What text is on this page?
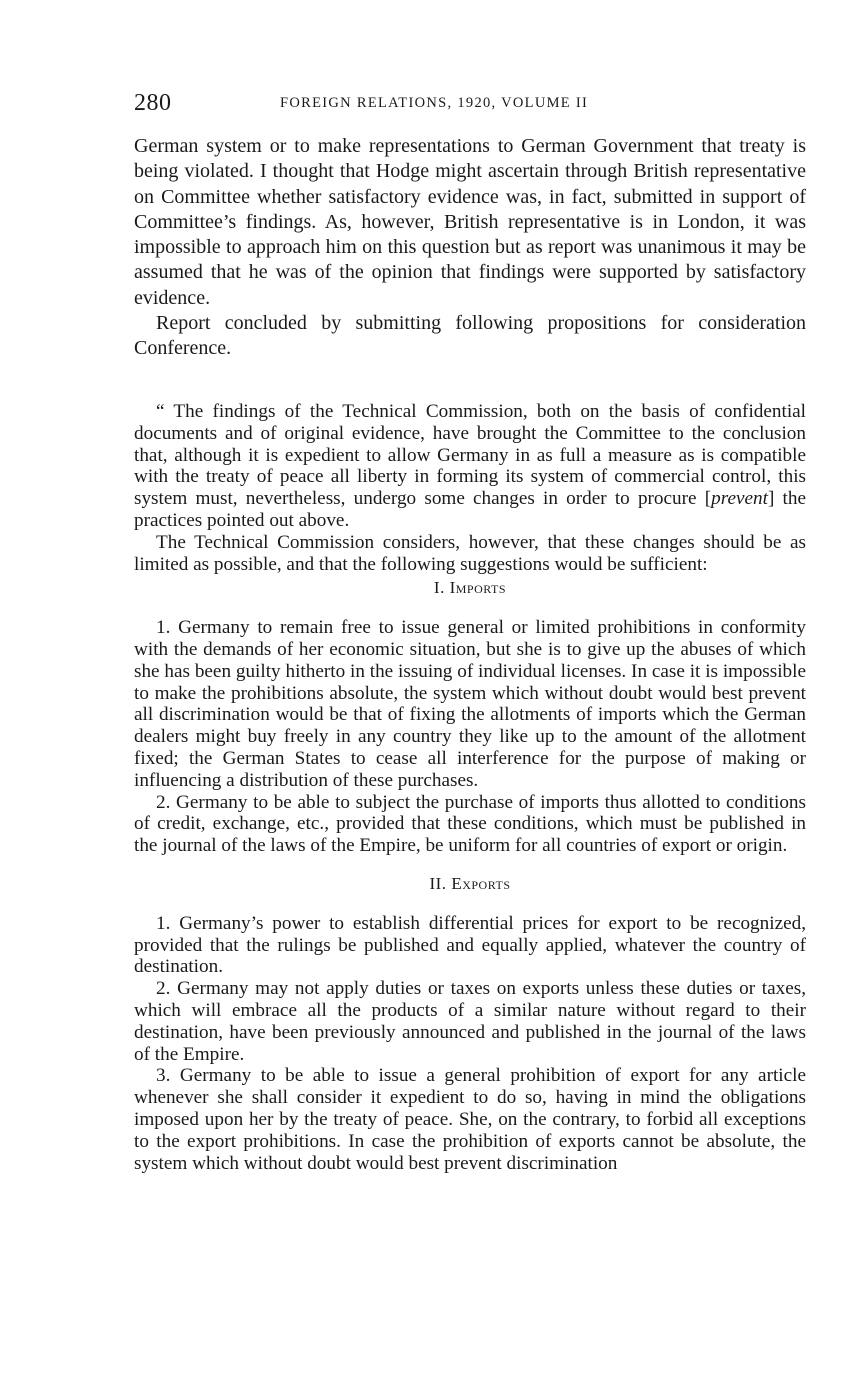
280	FOREIGN RELATIONS, 1920, VOLUME II

German system or to make representations to German Government that treaty is being violated. I thought that Hodge might ascertain through British representative on Committee whether satisfactory evidence was, in fact, submitted in support of Committee’s findings. As, however, British representative is in London, it was impossible to approach him on this question but as report was unanimous it may be assumed that he was of the opinion that findings were supported by satisfactory evidence.

Report concluded by submitting following propositions for consideration Conference.

“ The findings of the Technical Commission, both on the basis of confidential documents and of original evidence, have brought the Committee to the conclusion that, although it is expedient to allow Germany in as full a measure as is compatible with the treaty of peace all liberty in forming its system of commercial control, this system must, nevertheless, undergo some changes in order to procure [prevent] the practices pointed out above.

The Technical Commission considers, however, that these changes should be as limited as possible, and that the following suggestions would be sufficient:

I. Imports

1. Germany to remain free to issue general or limited prohibitions in conformity with the demands of her economic situation, but she is to give up the abuses of which she has been guilty hitherto in the issuing of individual licenses. In case it is impossible to make the prohibitions absolute, the system which without doubt would best prevent all discrimination would be that of fixing the allotments of imports which the German dealers might buy freely in any country they like up to the amount of the allotment fixed; the German States to cease all interference for the purpose of making or influencing a distribution of these purchases.

2. Germany to be able to subject the purchase of imports thus allotted to conditions of credit, exchange, etc., provided that these conditions, which must be published in the journal of the laws of the Empire, be uniform for all countries of export or origin.

II. Exports

1. Germany’s power to establish differential prices for export to be recognized, provided that the rulings be published and equally applied, whatever the country of destination.

2. Germany may not apply duties or taxes on exports unless these duties or taxes, which will embrace all the products of a similar nature without regard to their destination, have been previously announced and published in the journal of the laws of the Empire.

3. Germany to be able to issue a general prohibition of export for any article whenever she shall consider it expedient to do so, having in mind the obligations imposed upon her by the treaty of peace. She, on the contrary, to forbid all exceptions to the export prohibitions. In case the prohibition of exports cannot be absolute, the system which without doubt would best prevent discrimination
